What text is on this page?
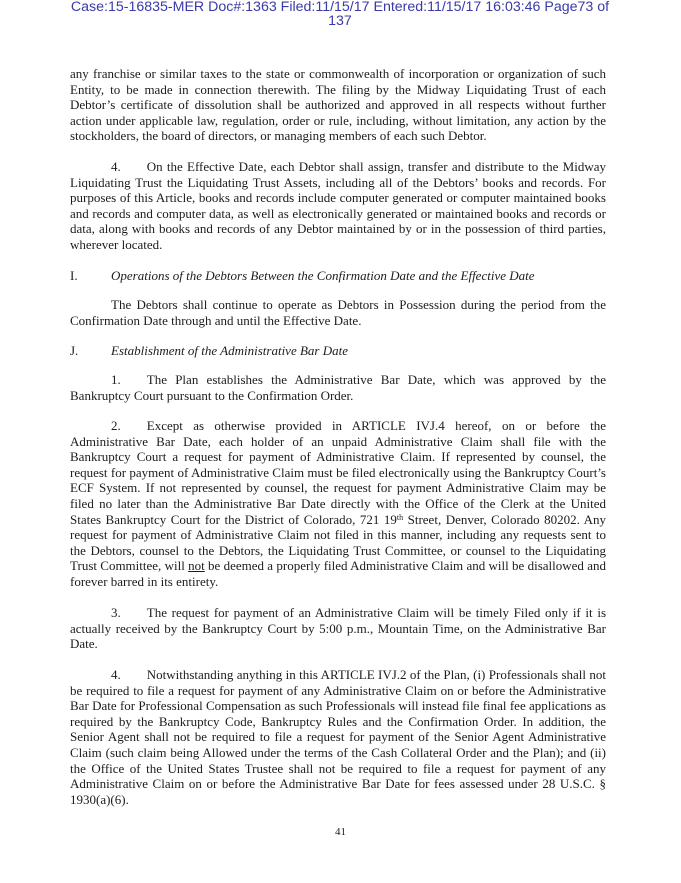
Case:15-16835-MER Doc#:1363 Filed:11/15/17 Entered:11/15/17 16:03:46 Page73 of
137

any franchise or similar taxes to the state or commonwealth of incorporation or organization of such Entity, to be made in connection therewith. The filing by the Midway Liquidating Trust of each Debtor’s certificate of dissolution shall be authorized and approved in all respects without further action under applicable law, regulation, order or rule, including, without limitation, any action by the stockholders, the board of directors, or managing members of each such Debtor.

4.  On the Effective Date, each Debtor shall assign, transfer and distribute to the Midway Liquidating Trust the Liquidating Trust Assets, including all of the Debtors’ books and records. For purposes of this Article, books and records include computer generated or computer maintained books and records and computer data, as well as electronically generated or maintained books and records or data, along with books and records of any Debtor maintained by or in the possession of third parties, wherever located.

I.	Operations of the Debtors Between the Confirmation Date and the Effective Date

The Debtors shall continue to operate as Debtors in Possession during the period from the Confirmation Date through and until the Effective Date.

J.	Establishment of the Administrative Bar Date

1.  The Plan establishes the Administrative Bar Date, which was approved by the Bankruptcy Court pursuant to the Confirmation Order.

2.  Except as otherwise provided in ARTICLE IVJ.4 hereof, on or before the Administrative Bar Date, each holder of an unpaid Administrative Claim shall file with the Bankruptcy Court a request for payment of Administrative Claim. If represented by counsel, the request for payment of Administrative Claim must be filed electronically using the Bankruptcy Court’s ECF System. If not represented by counsel, the request for payment Administrative Claim may be filed no later than the Administrative Bar Date directly with the Office of the Clerk at the United States Bankruptcy Court for the District of Colorado, 721 19th Street, Denver, Colorado 80202. Any request for payment of Administrative Claim not filed in this manner, including any requests sent to the Debtors, counsel to the Debtors, the Liquidating Trust Committee, or counsel to the Liquidating Trust Committee, will not be deemed a properly filed Administrative Claim and will be disallowed and forever barred in its entirety.

3.  The request for payment of an Administrative Claim will be timely Filed only if it is actually received by the Bankruptcy Court by 5:00 p.m., Mountain Time, on the Administrative Bar Date.

4.  Notwithstanding anything in this ARTICLE IVJ.2 of the Plan, (i) Professionals shall not be required to file a request for payment of any Administrative Claim on or before the Administrative Bar Date for Professional Compensation as such Professionals will instead file final fee applications as required by the Bankruptcy Code, Bankruptcy Rules and the Confirmation Order. In addition, the Senior Agent shall not be required to file a request for payment of the Senior Agent Administrative Claim (such claim being Allowed under the terms of the Cash Collateral Order and the Plan); and (ii) the Office of the United States Trustee shall not be required to file a request for payment of any Administrative Claim on or before the Administrative Bar Date for fees assessed under 28 U.S.C. § 1930(a)(6).

41
